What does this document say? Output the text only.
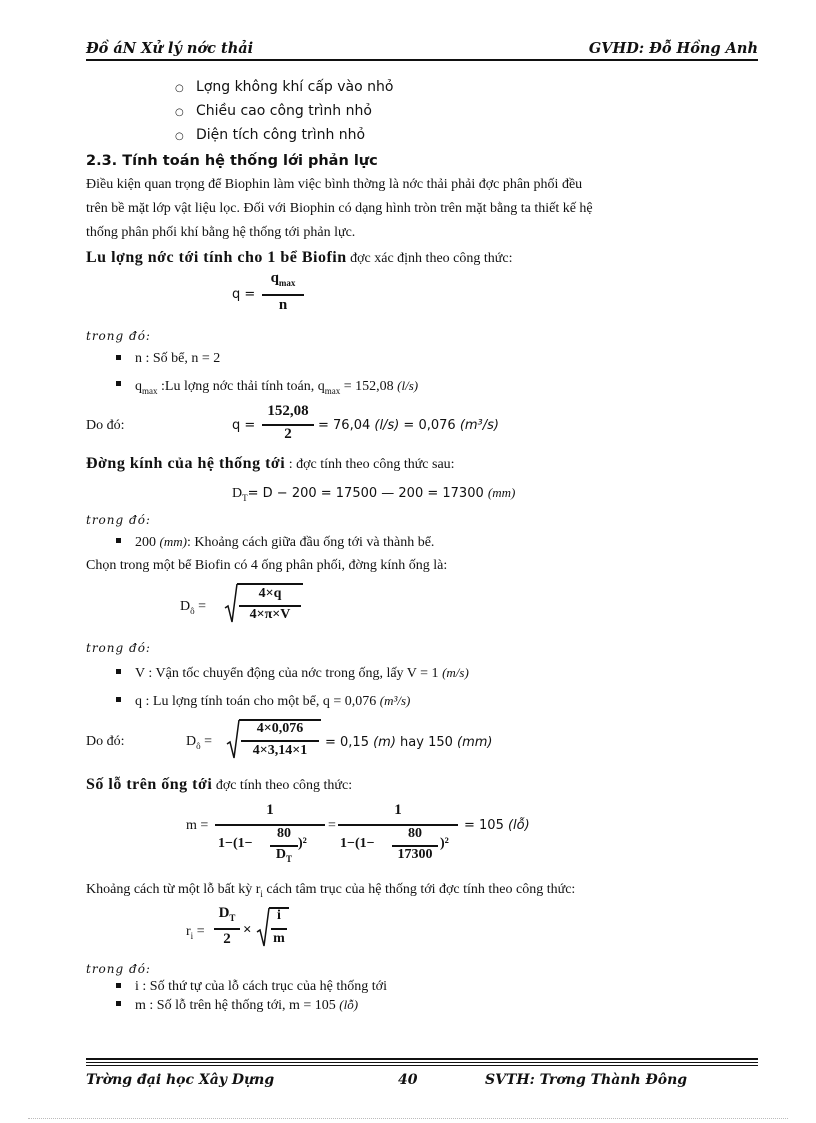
Đồ áN Xử lý nớc thải	GVHD: Đỗ Hồng Anh
○ Lợng không khí cấp vào nhỏ
○ Chiều cao công trình nhỏ
○ Diện tích công trình nhỏ
2.3. Tính toán hệ thống lới phản lực
Điều kiện quan trọng để Biophin làm việc bình thờng là nớc thải phải đợc phân phối đều
trên bề mặt lớp vật liệu lọc. Đối với Biophin có dạng hình tròn trên mặt bằng ta thiết kế hệ
thống phân phối khí bằng hệ thống tới phản lực.
Lu lợng nớc tới tính cho 1 bể Biofin đợc xác định theo công thức:
q =
$q_{max}$
n
trong đó:
n : Số bể, n = 2
$q_{max}$ :Lu lợng nớc thải tính toán, $q_{max} = 152,08$ (l/s)
Do đó:	q =
152,08
2
= 76,04 (l/s) = 0,076 (m³/s)
Đờng kính của hệ thống tới : đợc tính theo công thức sau:
$D_T= D - 200 = 17500$ — 200 = 17300 (mm)
trong đó:
200 (mm): Khoảng cách giữa đầu ống tới và thành bể.
Chọn trong một bể Biofin có 4 ống phân phối, đờng kính ống là:
$D_ô$ =
4×q
4×π×V
trong đó:
V : Vận tốc chuyển động của nớc trong ống, lấy V = 1 (m/s)
q : Lu lợng tính toán cho một bể, q = 0,076 (m³/s)
Do đó:	$D_ô$ =
4×0,076
4×3,14×1
= 0,15 (m) hay 150 (mm)
Số lỗ trên ống tới đợc tính theo công thức:
m =
1
1−(1−
80
$D_T$
)²
=
1
1−(1−
80
17300
)²
= 105 (lỗ)
Khoảng cách từ một lỗ bất kỳ $r_i$ cách tâm trục của hệ thống tới đợc tính theo công thức:
$r_i$ =
$D_T$
2
×
i
m
trong đó:
i : Số thứ tự của lỗ cách trục của hệ thống tới
m : Số lỗ trên hệ thống tới, m = 105 (lỗ)
Trờng đại học Xây Dựng	40	SVTH: Trơng Thành Đông
